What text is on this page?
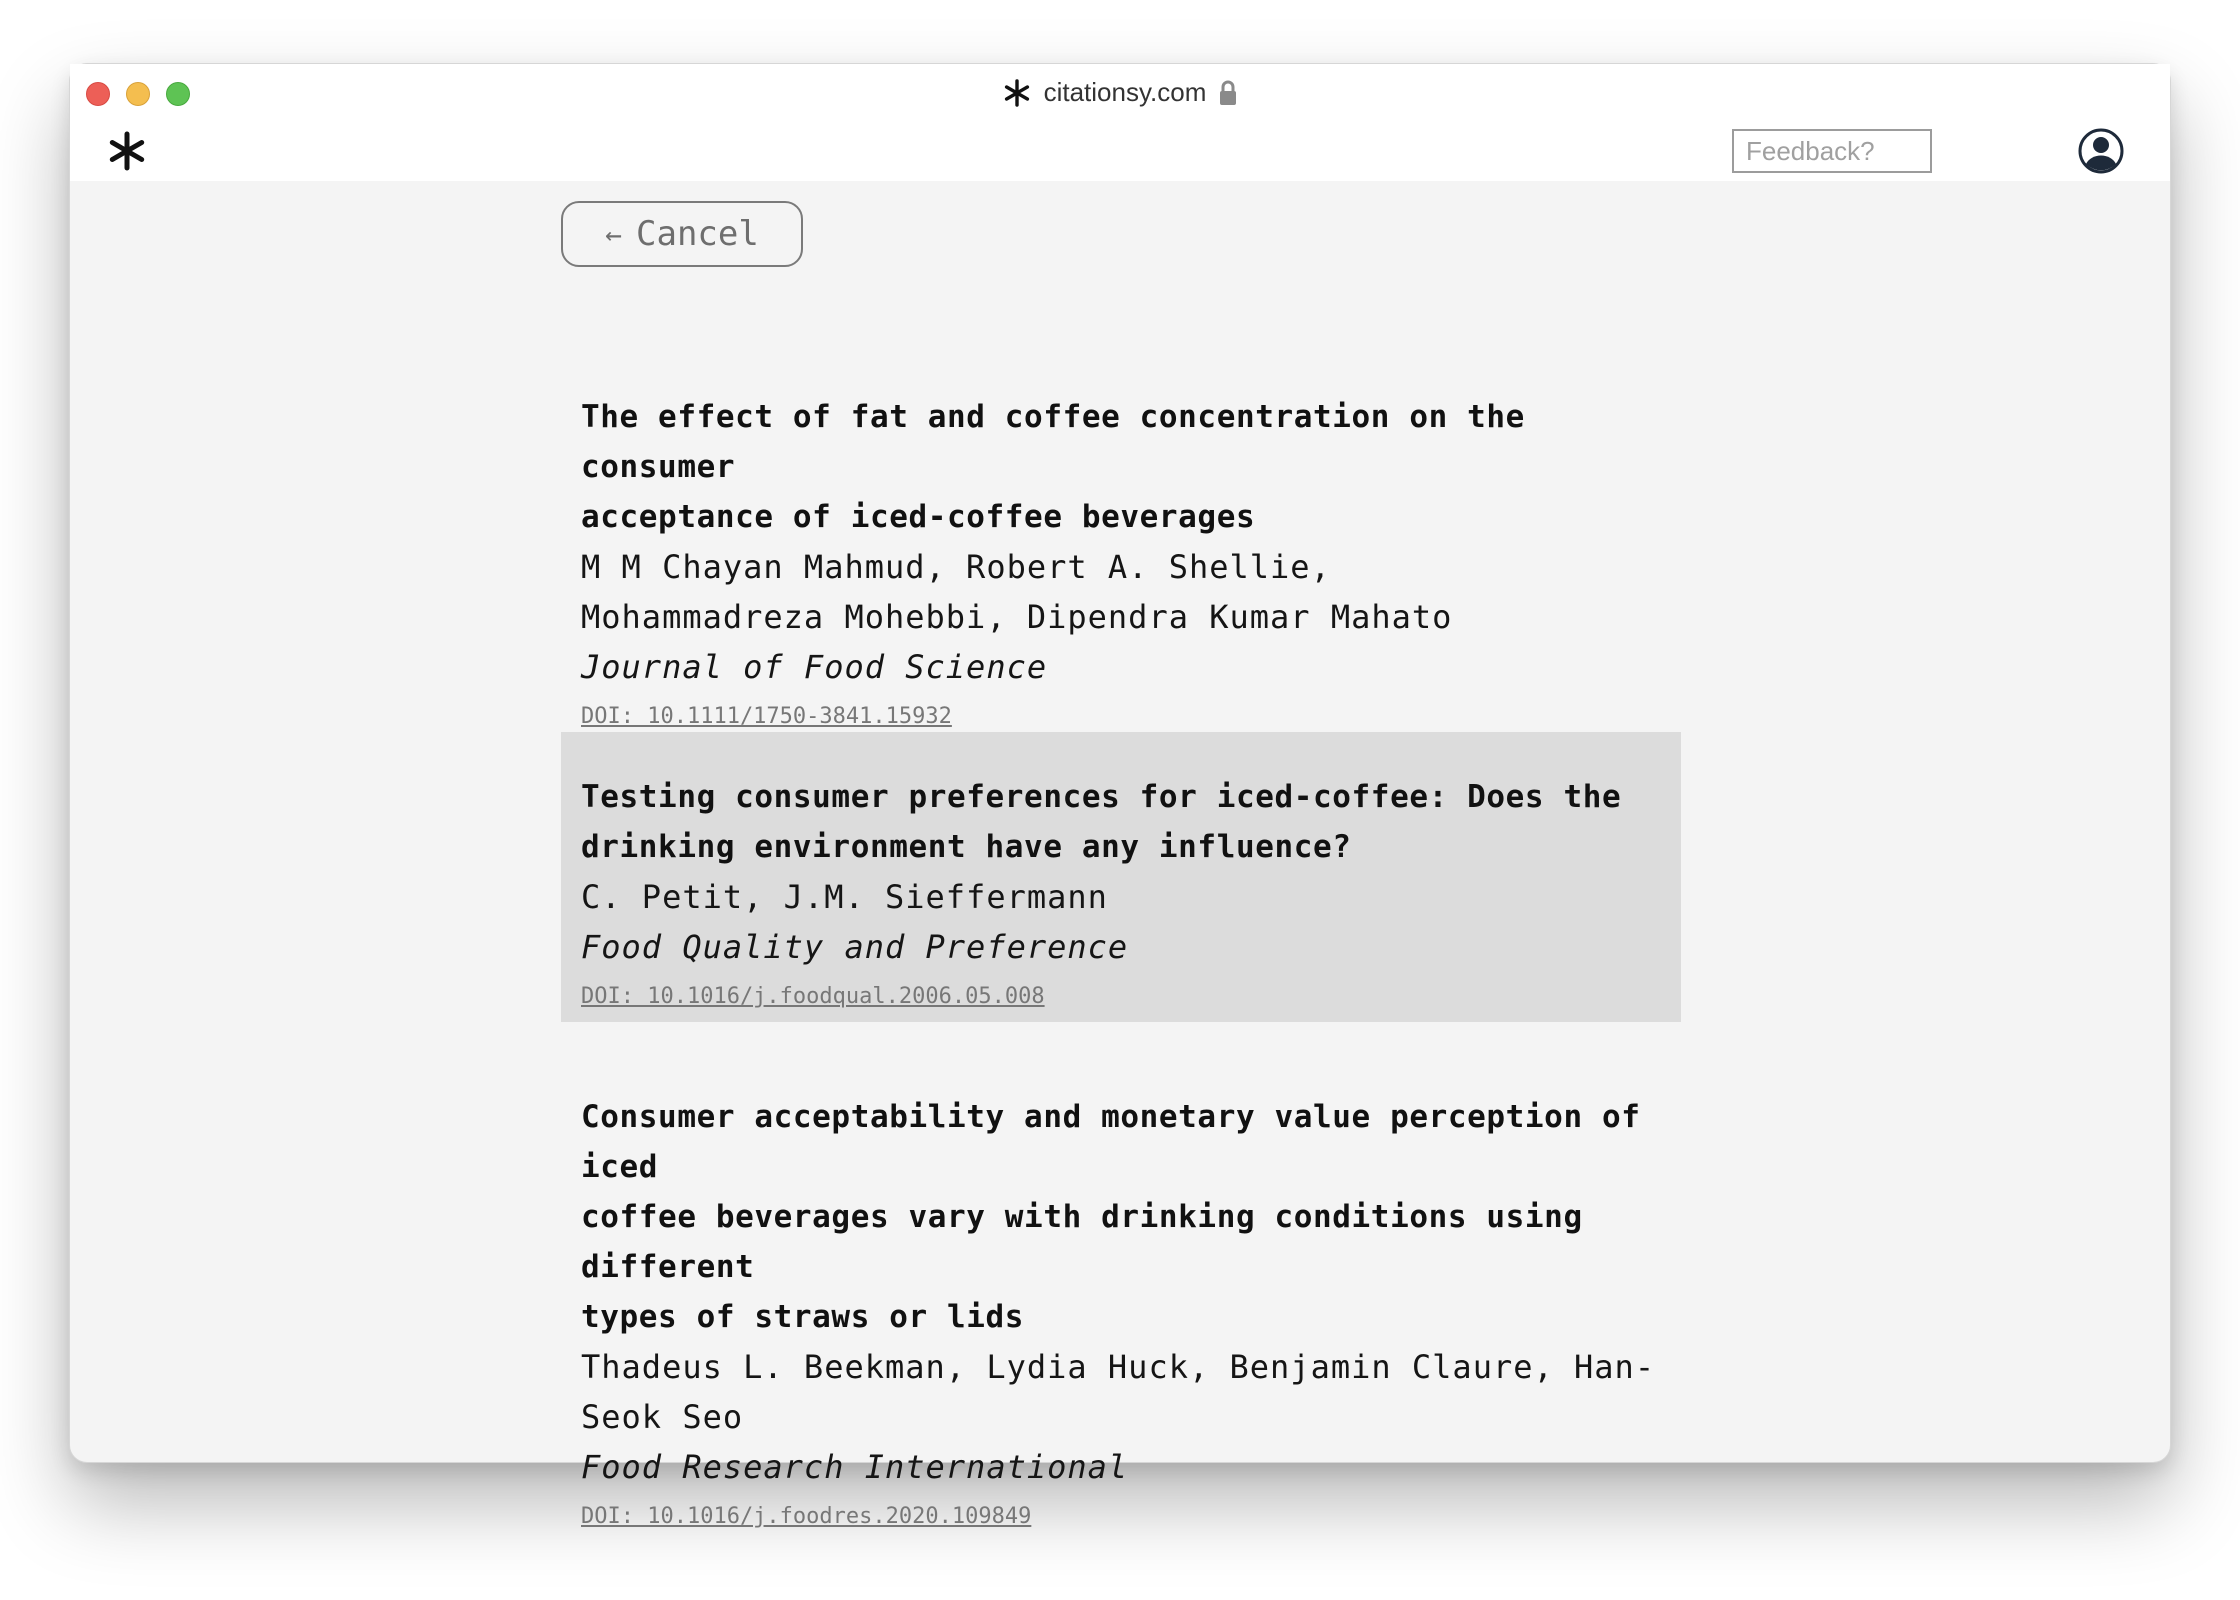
citationsy.com
Feedback?
← Cancel
The effect of fat and coffee concentration on the consumer
acceptance of iced-coffee beverages
M M Chayan Mahmud, Robert A. Shellie,
Mohammadreza Mohebbi, Dipendra Kumar Mahato
Journal of Food Science
DOI: 10.1111/1750-3841.15932
Testing consumer preferences for iced-coffee: Does the
drinking environment have any influence?
C. Petit, J.M. Sieffermann
Food Quality and Preference
DOI: 10.1016/j.foodqual.2006.05.008
Consumer acceptability and monetary value perception of iced
coffee beverages vary with drinking conditions using different
types of straws or lids
Thadeus L. Beekman, Lydia Huck, Benjamin Claure, Han-
Seok Seo
Food Research International
DOI: 10.1016/j.foodres.2020.109849
